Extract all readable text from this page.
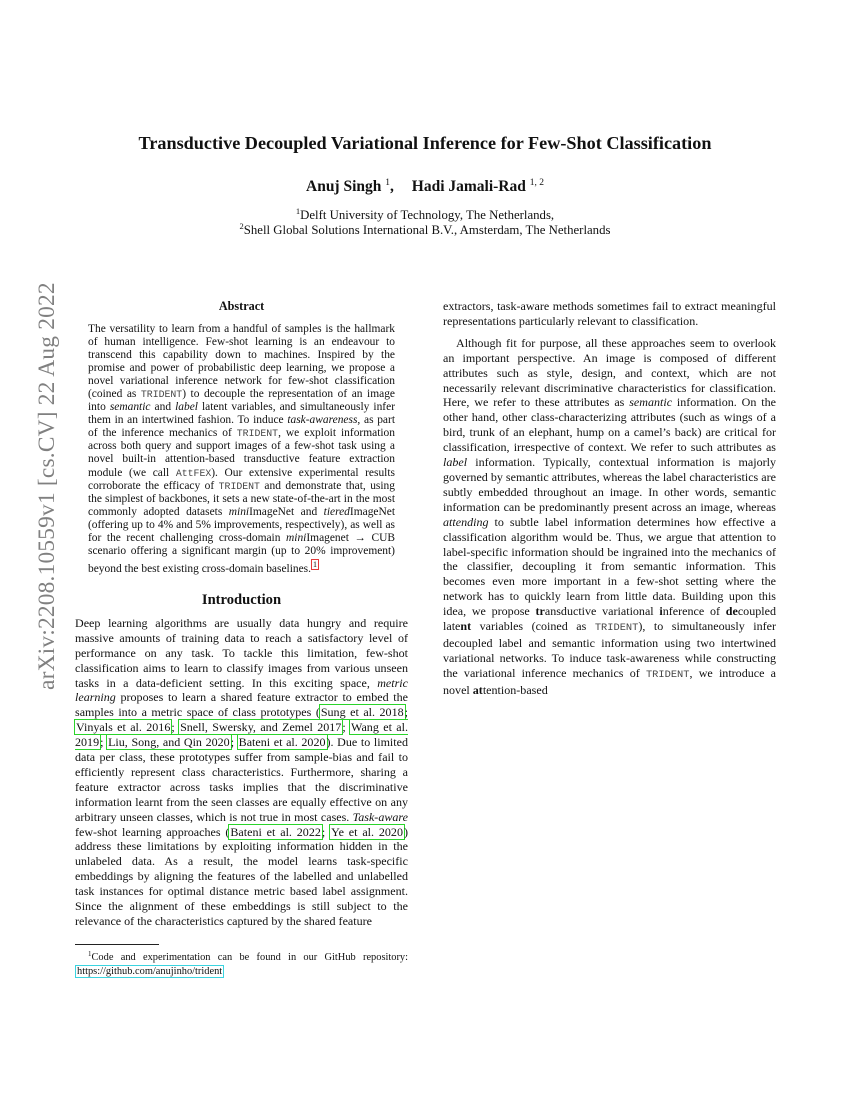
arXiv:2208.10559v1 [cs.CV] 22 Aug 2022
Transductive Decoupled Variational Inference for Few-Shot Classification
Anuj Singh $^1$, Hadi Jamali-Rad $^{1, 2}$
$^1$Delft University of Technology, The Netherlands,
$^2$Shell Global Solutions International B.V., Amsterdam, The Netherlands
Abstract
The versatility to learn from a handful of samples is the hallmark of human intelligence. Few-shot learning is an endeavour to transcend this capability down to machines. Inspired by the promise and power of probabilistic deep learning, we propose a novel variational inference network for few-shot classification (coined as TRIDENT) to decouple the representation of an image into semantic and label latent variables, and simultaneously infer them in an intertwined fashion. To induce task-awareness, as part of the inference mechanics of TRIDENT, we exploit information across both query and support images of a few-shot task using a novel built-in attention-based transductive feature extraction module (we call AttFEX). Our extensive experimental results corroborate the efficacy of TRIDENT and demonstrate that, using the simplest of backbones, it sets a new state-of-the-art in the most commonly adopted datasets miniImageNet and tieredImageNet (offering up to 4% and 5% improvements, respectively), as well as for the recent challenging cross-domain miniImagenet → CUB scenario offering a significant margin (up to 20% improvement) beyond the best existing cross-domain baselines. $^1$
Introduction
Deep learning algorithms are usually data hungry and require massive amounts of training data to reach a satisfactory level of performance on any task. To tackle this limitation, few-shot classification aims to learn to classify images from various unseen tasks in a data-deficient setting. In this exciting space, metric learning proposes to learn a shared feature extractor to embed the samples into a metric space of class prototypes (Sung et al. 2018; Vinyals et al. 2016; Snell, Swersky, and Zemel 2017; Wang et al. 2019; Liu, Song, and Qin 2020; Bateni et al. 2020). Due to limited data per class, these prototypes suffer from sample-bias and fail to efficiently represent class characteristics. Furthermore, sharing a feature extractor across tasks implies that the discriminative information learnt from the seen classes are equally effective on any arbitrary unseen classes, which is not true in most cases. Task-aware few-shot learning approaches (Bateni et al. 2022; Ye et al. 2020) address these limitations by exploiting information hidden in the unlabeled data. As a result, the model learns task-specific embeddings by aligning the features of the labelled and unlabelled task instances for optimal distance metric based label assignment. Since the alignment of these embeddings is still subject to the relevance of the characteristics captured by the shared feature
extractors, task-aware methods sometimes fail to extract meaningful representations particularly relevant to classification.
Although fit for purpose, all these approaches seem to overlook an important perspective. An image is composed of different attributes such as style, design, and context, which are not necessarily relevant discriminative characteristics for classification. Here, we refer to these attributes as semantic information. On the other hand, other class-characterizing attributes (such as wings of a bird, trunk of an elephant, hump on a camel’s back) are critical for classification, irrespective of context. We refer to such attributes as label information. Typically, contextual information is majorly governed by semantic attributes, whereas the label characteristics are subtly embedded throughout an image. In other words, semantic information can be predominantly present across an image, whereas attending to subtle label information determines how effective a classification algorithm would be. Thus, we argue that attention to label-specific information should be ingrained into the mechanics of the classifier, decoupling it from semantic information. This becomes even more important in a few-shot setting where the network has to quickly learn from little data. Building upon this idea, we propose transductive variational inference of decoupled latent variables (coined as TRIDENT), to simultaneously infer decoupled label and semantic information using two intertwined variational networks. To induce task-awareness while constructing the variational inference mechanics of TRIDENT, we introduce a novel attention-based
$^1$Code and experimentation can be found in our GitHub repository: https://github.com/anujinho/trident
